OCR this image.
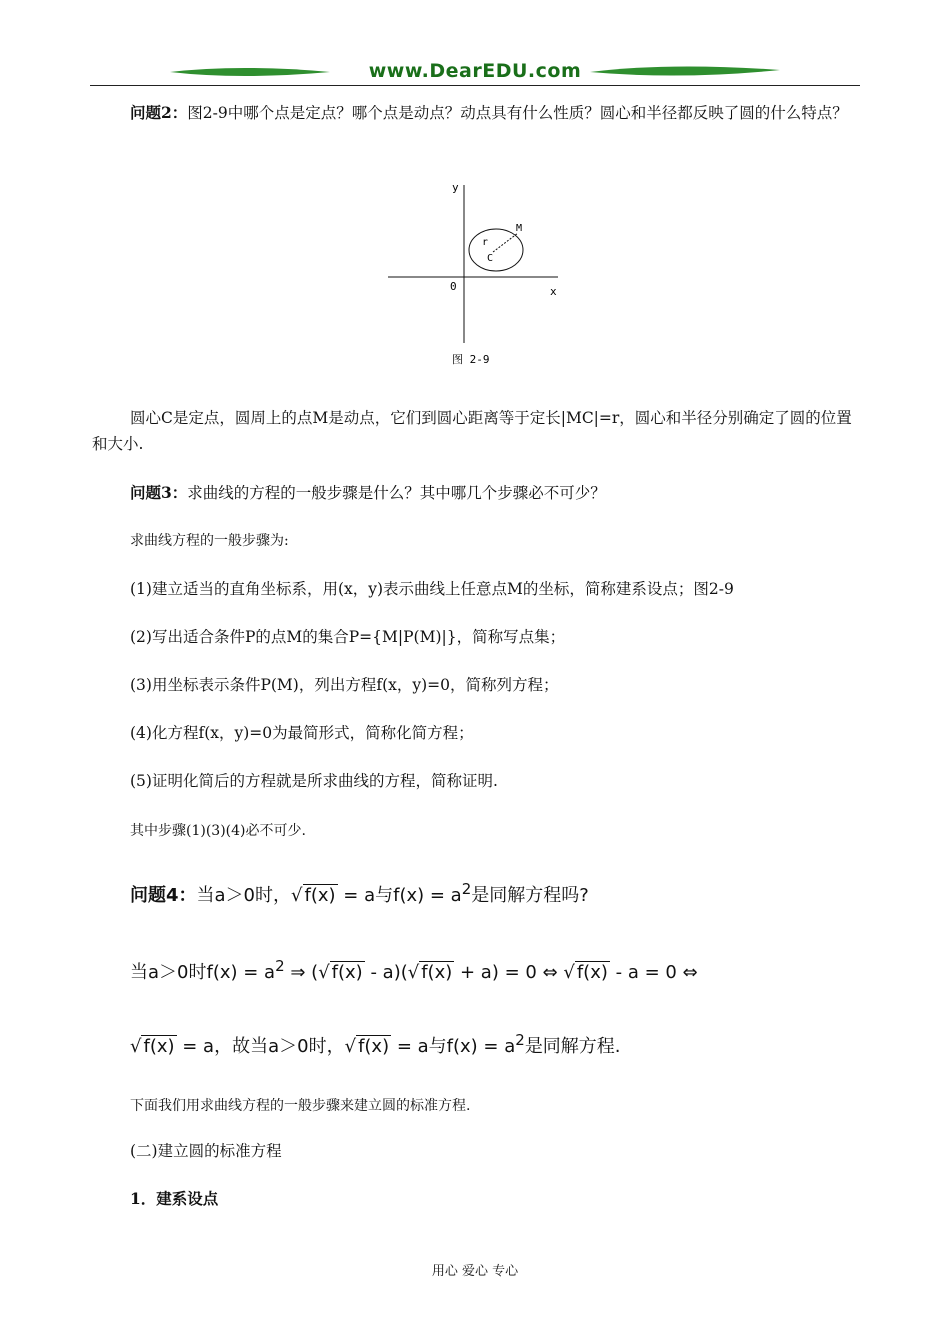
www.DearEDU.com
问题2：图2-9中哪个点是定点？哪个点是动点？动点具有什么性质？圆心和半径都反映了圆的什么特点？
y
x
0
r
C
M
图 2-9
圆心C是定点，圆周上的点M是动点，它们到圆心距离等于定长|MC|=r，圆心和半径分别确定了圆的位置和大小.
问题3：求曲线的方程的一般步骤是什么？其中哪几个步骤必不可少？
求曲线方程的一般步骤为:
(1)建立适当的直角坐标系，用(x，y)表示曲线上任意点M的坐标，简称建系设点；图2-9
(2)写出适合条件P的点M的集合P={M|P(M)|}，简称写点集；
(3)用坐标表示条件P(M)，列出方程f(x，y)=0，简称列方程；
(4)化方程f(x，y)=0为最简形式，简称化简方程；
(5)证明化简后的方程就是所求曲线的方程，简称证明.
其中步骤(1)(3)(4)必不可少.
问题4：当a＞0时，√ f(x) = a与$f(x) = a^2$是同解方程吗?
当a＞0时$f(x) = a^2$ ⇒ (√ f(x) - a)(√ f(x) + a) = 0 ⇔ √ f(x) - a = 0 ⇔
√ f(x) = a，故当a＞0时，√ f(x) = a与$f(x) = a^2$是同解方程.
下面我们用求曲线方程的一般步骤来建立圆的标准方程.
(二)建立圆的标准方程
1．建系设点
用心 爱心 专心
